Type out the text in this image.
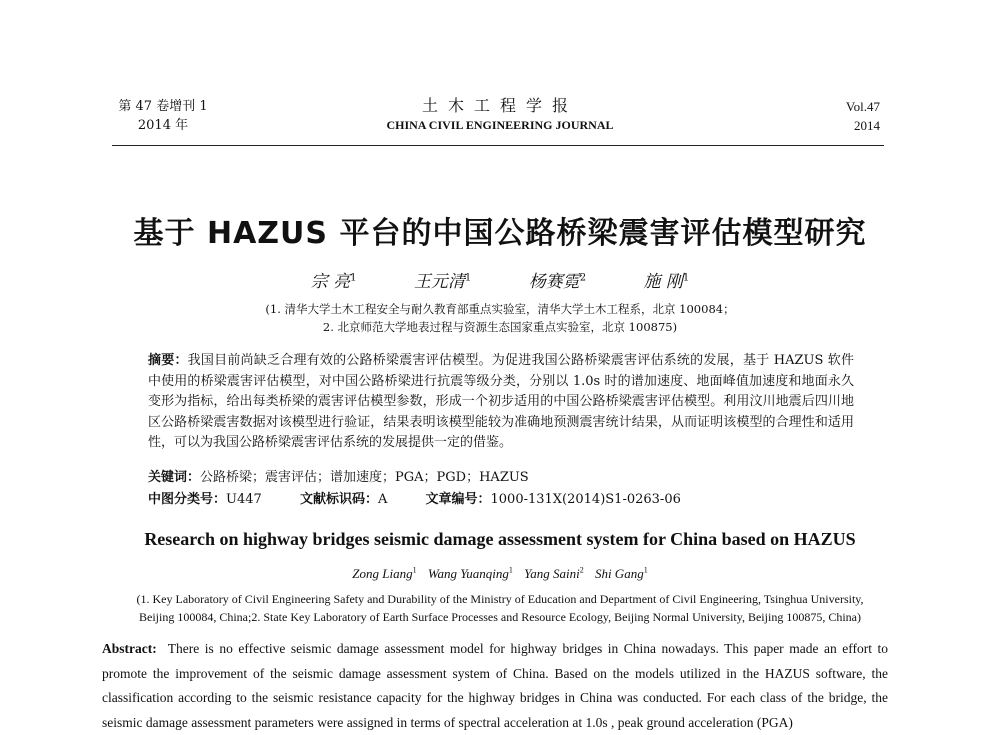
第 47 卷增刊 1
2014 年
土木工程学报
CHINA CIVIL ENGINEERING JOURNAL
Vol.47
2014
基于 HAZUS 平台的中国公路桥梁震害评估模型研究
宗 亮$^1$	王元清$^1$	杨赛霓$^2$	施 刚$^1$
(1. 清华大学土木工程安全与耐久教育部重点实验室，清华大学土木工程系，北京 100084；
2. 北京师范大学地表过程与资源生态国家重点实验室，北京 100875)
摘要：我国目前尚缺乏合理有效的公路桥梁震害评估模型。为促进我国公路桥梁震害评估系统的发展，基于 HAZUS 软件中使用的桥梁震害评估模型，对中国公路桥梁进行抗震等级分类，分别以 1.0s 时的谱加速度、地面峰值加速度和地面永久变形为指标，给出每类桥梁的震害评估模型参数，形成一个初步适用的中国公路桥梁震害评估模型。利用汶川地震后四川地区公路桥梁震害数据对该模型进行验证，结果表明该模型能较为准确地预测震害统计结果，从而证明该模型的合理性和适用性，可以为我国公路桥梁震害评估系统的发展提供一定的借鉴。
关键词：公路桥梁；震害评估；谱加速度；PGA；PGD；HAZUS
中图分类号：U447	文献标识码：A	文章编号：1000-131X(2014)S1-0263-06
Research on highway bridges seismic damage assessment system for China based on HAZUS
Zong Liang$^1$ Wang Yuanqing$^1$ Yang Saini$^2$ Shi Gang$^1$
(1. Key Laboratory of Civil Engineering Safety and Durability of the Ministry of Education and Department of Civil Engineering, Tsinghua University,
Beijing 100084, China;2. State Key Laboratory of Earth Surface Processes and Resource Ecology, Beijing Normal University, Beijing 100875, China)
Abstract: There is no effective seismic damage assessment model for highway bridges in China nowadays. This paper made an effort to promote the improvement of the seismic damage assessment system of China. Based on the models utilized in the HAZUS software, the classification according to the seismic resistance capacity for the highway bridges in China was conducted. For each class of the bridge, the seismic damage assessment parameters were assigned in terms of spectral acceleration at 1.0s , peak ground acceleration (PGA)
